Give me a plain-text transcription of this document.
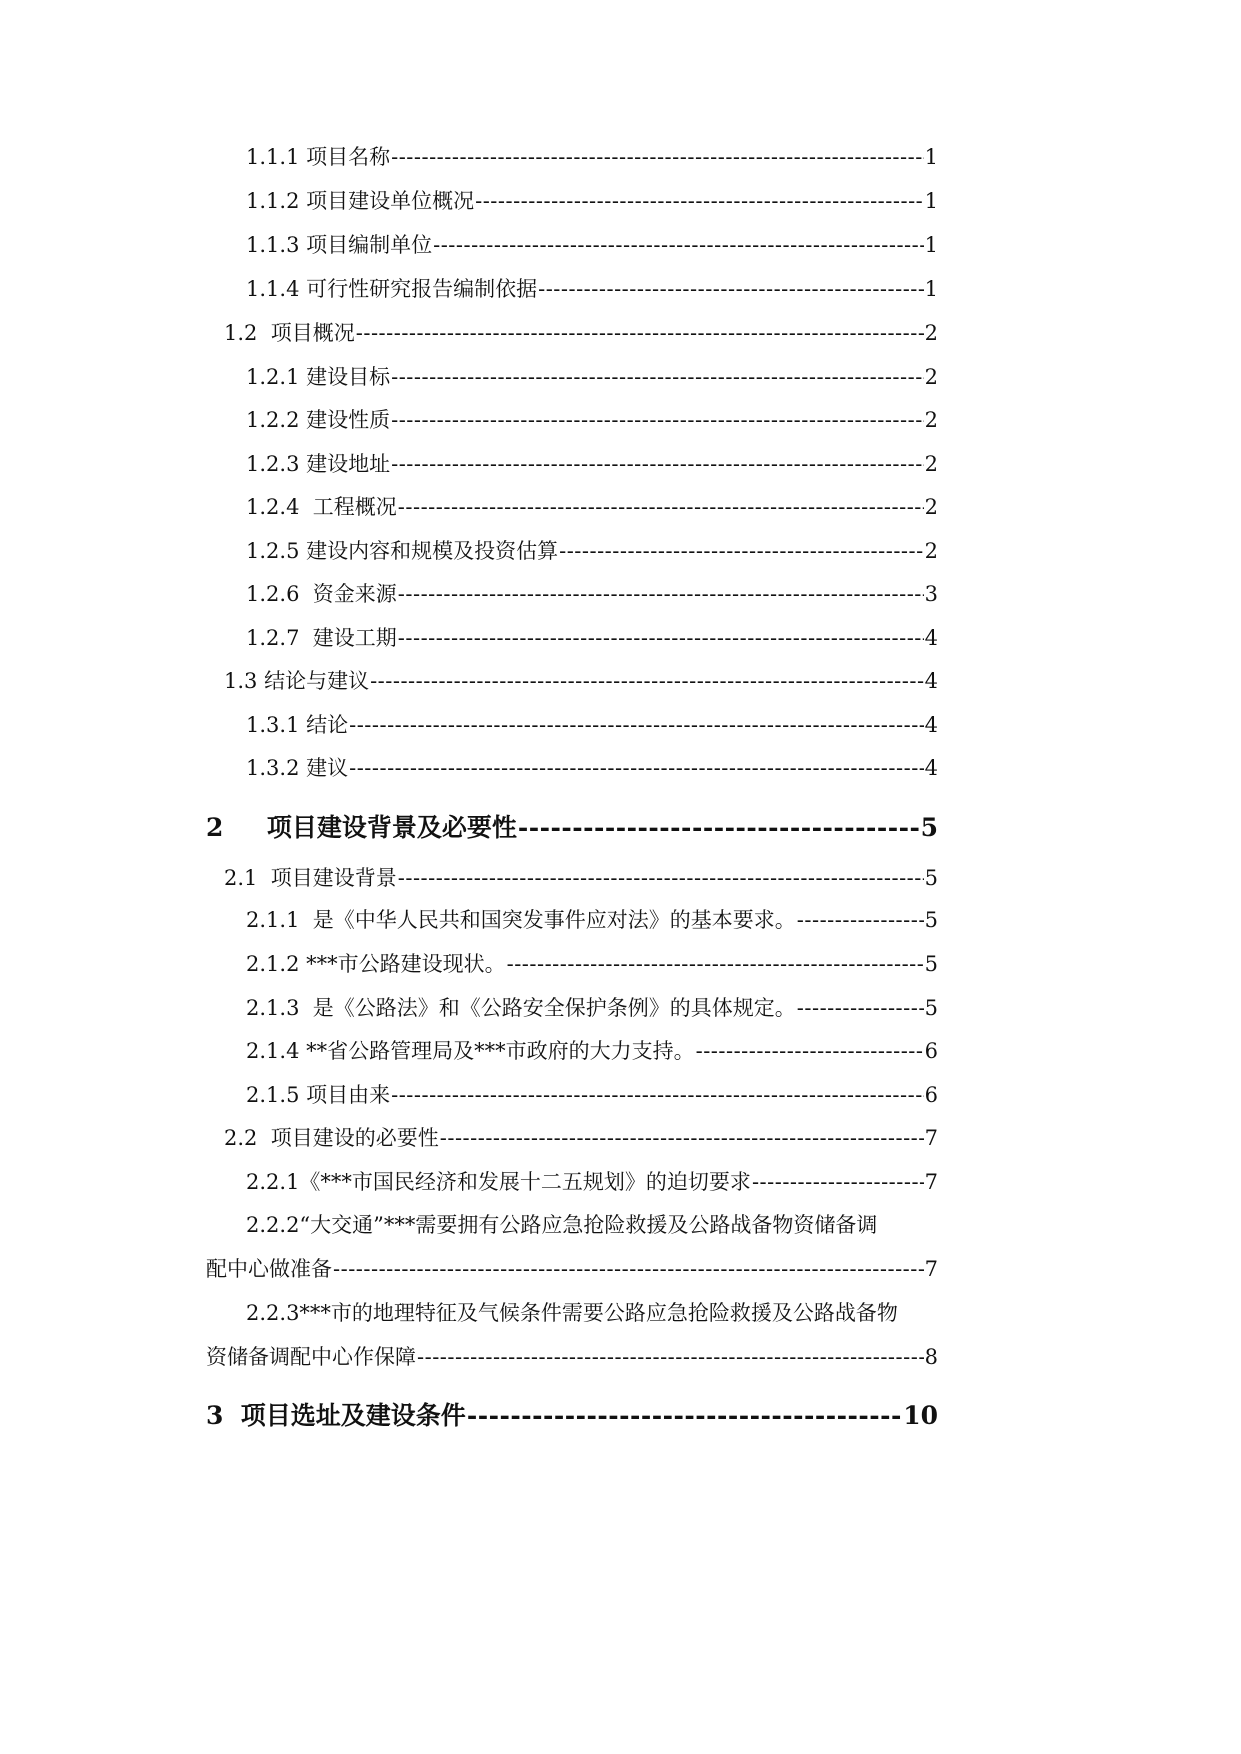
1.1.1 项目名称 -----	1
1.1.2 项目建设单位概况 -----	1
1.1.3 项目编制单位 -----	1
1.1.4 可行性研究报告编制依据 -----	1
1.2  项目概况 -----	2
1.2.1 建设目标 -----	2
1.2.2 建设性质 -----	2
1.2.3 建设地址 -----	2
1.2.4  工程概况 -----	2
1.2.5 建设内容和规模及投资估算 -----	2
1.2.6  资金来源 -----	3
1.2.7  建设工期 -----	4
1.3 结论与建议 -----	4
1.3.1 结论 -----	4
1.3.2 建议 -----	4
2     项目建设背景及必要性 -----	5
2.1  项目建设背景 -----	5
2.1.1  是《中华人民共和国突发事件应对法》的基本要求。 -----	5
2.1.2 ***市公路建设现状。 -----	5
2.1.3  是《公路法》和《公路安全保护条例》的具体规定。 -----	5
2.1.4 **省公路管理局及***市政府的大力支持。 -----	6
2.1.5 项目由来 -----	6
2.2  项目建设的必要性 -----	7
2.2.1《***市国民经济和发展十二五规划》的迫切要求 -----	7
2.2.2“大交通”***需要拥有公路应急抢险救援及公路战备物资储备调
配中心做准备 -----	7
2.2.3***市的地理特征及气候条件需要公路应急抢险救援及公路战备物
资储备调配中心作保障 -----	8
3  项目选址及建设条件 -----	10
